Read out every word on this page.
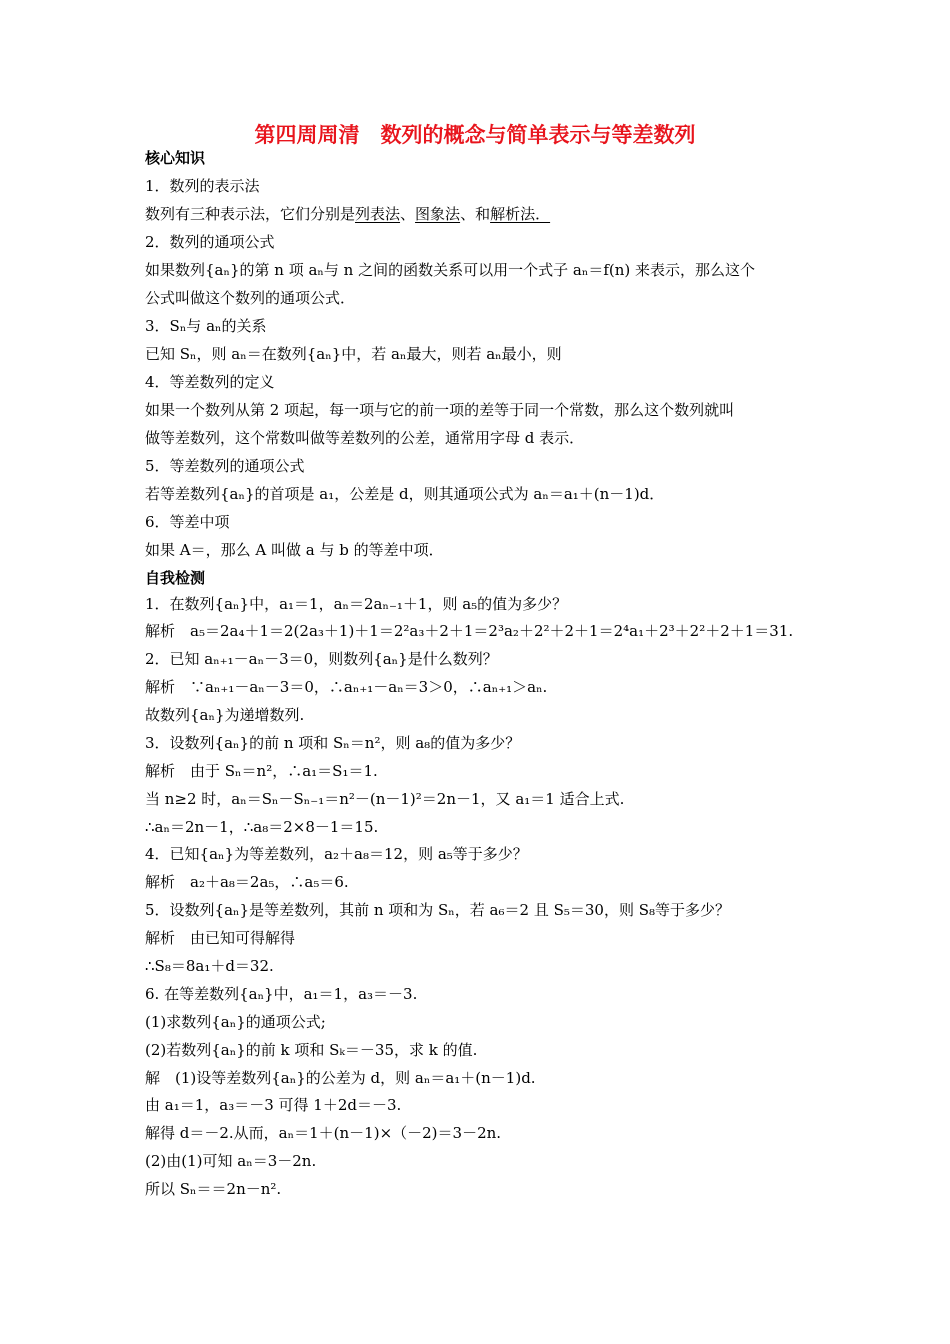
第四周周清　数列的概念与简单表示与等差数列
核心知识
1．数列的表示法
数列有三种表示法，它们分别是列表法、图象法、和解析法．
2．数列的通项公式
如果数列{aₙ}的第 n 项 aₙ与 n 之间的函数关系可以用一个式子 aₙ＝f(n) 来表示，那么这个
公式叫做这个数列的通项公式．
3．Sₙ与 aₙ的关系
已知 Sₙ，则 aₙ＝在数列{aₙ}中，若 aₙ最大，则若 aₙ最小，则
4．等差数列的定义
如果一个数列从第 2 项起，每一项与它的前一项的差等于同一个常数，那么这个数列就叫
做等差数列，这个常数叫做等差数列的公差，通常用字母 d 表示．
5．等差数列的通项公式
若等差数列{aₙ}的首项是 a₁，公差是 d，则其通项公式为 aₙ＝a₁＋(n－1)d．
6．等差中项
如果 A＝，那么 A 叫做 a 与 b 的等差中项．
自我检测
1．在数列{aₙ}中，a₁＝1，aₙ＝2aₙ₋₁＋1，则 a₅的值为多少？
解析　a₅＝2a₄＋1＝2(2a₃＋1)＋1＝2²a₃＋2＋1＝2³a₂＋2²＋2＋1＝2⁴a₁＋2³＋2²＋2＋1＝31.
2．已知 aₙ₊₁－aₙ－3＝0，则数列{aₙ}是什么数列？
解析　∵aₙ₊₁－aₙ－3＝0，∴aₙ₊₁－aₙ＝3＞0，∴aₙ₊₁＞aₙ.
故数列{aₙ}为递增数列.
3．设数列{aₙ}的前 n 项和 Sₙ＝n²，则 a₈的值为多少？
解析　由于 Sₙ＝n²，∴a₁＝S₁＝1.
当 n≥2 时，aₙ＝Sₙ－Sₙ₋₁＝n²－(n－1)²＝2n－1，又 a₁＝1 适合上式.
∴aₙ＝2n－1，∴a₈＝2×8－1＝15.
4．已知{aₙ}为等差数列，a₂＋a₈＝12，则 a₅等于多少？
解析　a₂＋a₈＝2a₅，∴a₅＝6.
5．设数列{aₙ}是等差数列，其前 n 项和为 Sₙ，若 a₆＝2 且 S₅＝30，则 S₈等于多少？
解析　由已知可得解得
∴S₈＝8a₁＋d＝32.
6. 在等差数列{aₙ}中，a₁＝1，a₃＝－3.
(1)求数列{aₙ}的通项公式;
(2)若数列{aₙ}的前 k 项和 Sₖ＝－35，求 k 的值.
解　(1)设等差数列{aₙ}的公差为 d，则 aₙ＝a₁＋(n－1)d.
由 a₁＝1，a₃＝－3 可得 1＋2d＝－3.
解得 d＝－2.从而，aₙ＝1＋(n－1)×（－2)＝3－2n.
(2)由(1)可知 aₙ＝3－2n.
所以 Sₙ＝＝2n－n².
